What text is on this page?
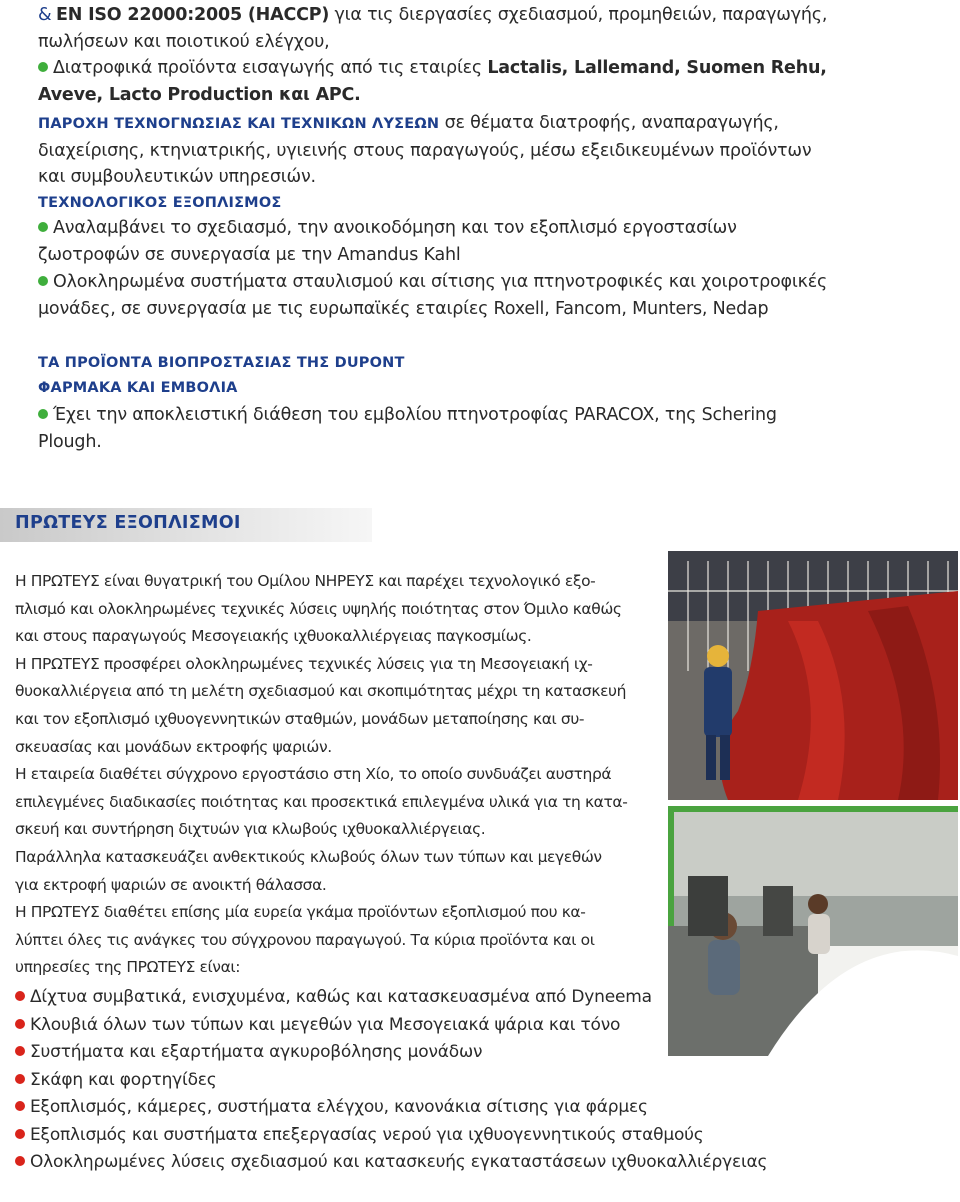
& EN ISO 22000:2005 (HACCP) για τις διεργασίες σχεδιασμού, προμηθειών, παραγωγής, πωλήσεων και ποιοτικού ελέγχου,

Διατροφικά προϊόντα εισαγωγής από τις εταιρίες Lactalis, Lallemand, Suomen Rehu, Aveve, Lacto Production και APC.

ΠΑΡΟΧΗ ΤΕΧΝΟΓΝΩΣΙΑΣ ΚΑΙ ΤΕΧΝΙΚΩΝ ΛΥΣΕΩΝ σε θέματα διατροφής, αναπαραγωγής, διαχείρισης, κτηνιατρικής, υγιεινής στους παραγωγούς, μέσω εξειδικευμένων προϊόντων και συμβουλευτικών υπηρεσιών.

ΤΕΧΝΟΛΟΓΙΚΟΣ ΕΞΟΠΛΙΣΜΟΣ

Αναλαμβάνει το σχεδιασμό, την ανοικοδόμηση και τον εξοπλισμό εργοστασίων ζωοτροφών σε συνεργασία με την Amandus Kahl

Ολοκληρωμένα συστήματα σταυλισμού και σίτισης για πτηνοτροφικές και χοιροτροφικές μονάδες, σε συνεργασία με τις ευρωπαϊκές εταιρίες Roxell, Fancom, Munters, Nedap

ΤΑ ΠΡΟΪΟΝΤΑ ΒΙΟΠΡΟΣΤΑΣΙΑΣ ΤΗΣ DUPONT

ΦΑΡΜΑΚΑ ΚΑΙ ΕΜΒΟΛΙΑ

Έχει την αποκλειστική διάθεση του εμβολίου πτηνοτροφίας PARACOX, της Schering Plough.

ΠΡΩΤΕΥΣ ΕΞΟΠΛΙΣΜΟΙ

Η ΠΡΩΤΕΥΣ είναι θυγατρική του Ομίλου ΝΗΡΕΥΣ και παρέχει τεχνολογικό εξο-
πλισμό και ολοκληρωμένες τεχνικές λύσεις υψηλής ποιότητας στον Όμιλο καθώς
και στους παραγωγούς Μεσογειακής ιχθυοκαλλιέργειας παγκοσμίως.
Η ΠΡΩΤΕΥΣ προσφέρει ολοκληρωμένες τεχνικές λύσεις για τη Μεσογειακή ιχ-
θυοκαλλιέργεια από τη μελέτη σχεδιασμού και σκοπιμότητας μέχρι τη κατασκευή
και τον εξοπλισμό ιχθυογεννητικών σταθμών, μονάδων μεταποίησης και συ-
σκευασίας και μονάδων εκτροφής ψαριών.
Η εταιρεία διαθέτει σύγχρονο εργοστάσιο στη Χίο, το οποίο συνδυάζει αυστηρά
επιλεγμένες διαδικασίες ποιότητας και προσεκτικά επιλεγμένα υλικά για τη κατα-
σκευή και συντήρηση διχτυών για κλωβούς ιχθυοκαλλιέργειας.
Παράλληλα κατασκευάζει ανθεκτικούς κλωβούς όλων των τύπων και μεγεθών
για εκτροφή ψαριών σε ανοικτή θάλασσα.
Η ΠΡΩΤΕΥΣ διαθέτει επίσης μία ευρεία γκάμα προϊόντων εξοπλισμού που κα-
λύπτει όλες τις ανάγκες του σύγχρονου παραγωγού. Τα κύρια προϊόντα και οι
υπηρεσίες της ΠΡΩΤΕΥΣ είναι:

Δίχτυα συμβατικά, ενισχυμένα, καθώς και κατασκευασμένα από Dyneema
Κλουβιά όλων των τύπων και μεγεθών για Μεσογειακά ψάρια και τόνο
Συστήματα και εξαρτήματα αγκυροβόλησης μονάδων
Σκάφη και φορτηγίδες
Εξοπλισμός, κάμερες, συστήματα ελέγχου, κανονάκια σίτισης για φάρμες
Εξοπλισμός και συστήματα επεξεργασίας νερού για ιχθυογεννητικούς σταθμούς
Ολοκληρωμένες λύσεις σχεδιασμού και κατασκευής εγκαταστάσεων ιχθυοκαλλιέργειας
